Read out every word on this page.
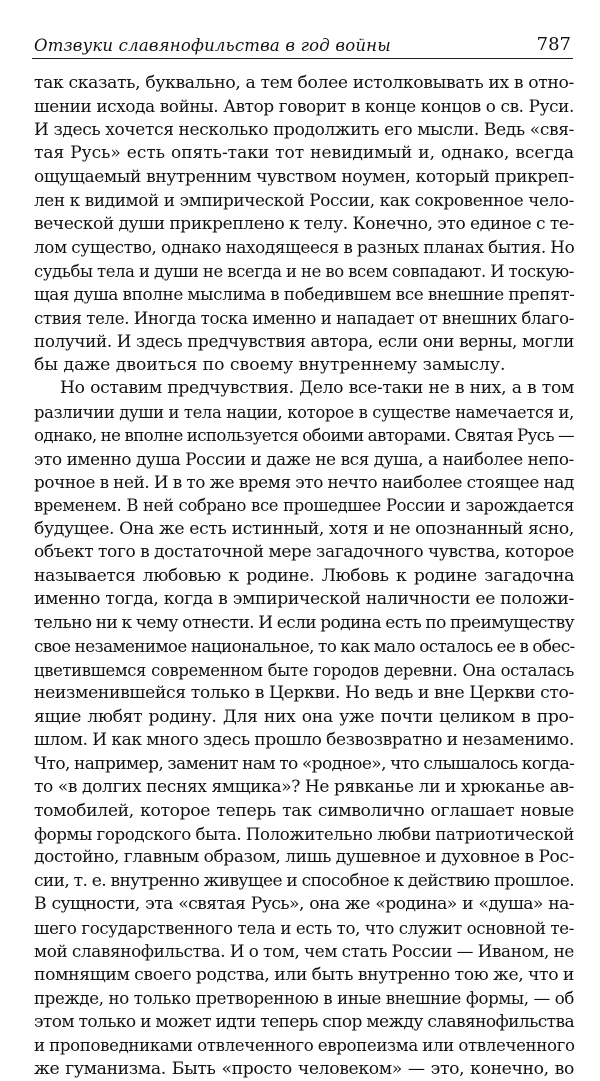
Отзвуки славянофильства в год войны	787
так сказать, буквально, а тем более истолковывать их в отно-
шении исхода войны. Автор говорит в конце концов о св. Руси.
И здесь хочется несколько продолжить его мысли. Ведь «свя-
тая Русь» есть опять-таки тот невидимый и, однако, всегда
ощущаемый внутренним чувством ноумен, который прикреп-
лен к видимой и эмпирической России, как сокровенное чело-
веческой души прикреплено к телу. Конечно, это единое с те-
лом существо, однако находящееся в разных планах бытия. Но
судьбы тела и души не всегда и не во всем совпадают. И тоскую-
щая душа вполне мыслима в победившем все внешние препят-
ствия теле. Иногда тоска именно и нападает от внешних благо-
получий. И здесь предчувствия автора, если они верны, могли
бы даже двоиться по своему внутреннему замыслу.
Но оставим предчувствия. Дело все-таки не в них, а в том
различии души и тела нации, которое в существе намечается и,
однако, не вполне используется обоими авторами. Святая Русь —
это именно душа России и даже не вся душа, а наиболее непо-
рочное в ней. И в то же время это нечто наиболее стоящее над
временем. В ней собрано все прошедшее России и зарождается
будущее. Она же есть истинный, хотя и не опознанный ясно,
объект того в достаточной мере загадочного чувства, которое
называется любовью к родине. Любовь к родине загадочна
именно тогда, когда в эмпирической наличности ее положи-
тельно ни к чему отнести. И если родина есть по преимуществу
свое незаменимое национальное, то как мало осталось ее в обес-
цветившемся современном быте городов деревни. Она осталась
неизменившейся только в Церкви. Но ведь и вне Церкви сто-
ящие любят родину. Для них она уже почти целиком в про-
шлом. И как много здесь прошло безвозвратно и незаменимо.
Что, например, заменит нам то «родное», что слышалось когда-
то «в долгих песнях ямщика»? Не рявканье ли и хрюканье ав-
томобилей, которое теперь так символично оглашает новые
формы городского быта. Положительно любви патриотической
достойно, главным образом, лишь душевное и духовное в Рос-
сии, т. е. внутренно живущее и способное к действию прошлое.
В сущности, эта «святая Русь», она же «родина» и «душа» на-
шего государственного тела и есть то, что служит основной те-
мой славянофильства. И о том, чем стать России — Иваном, не
помнящим своего родства, или быть внутренно тою же, что и
прежде, но только претворенною в иные внешние формы, — об
этом только и может идти теперь спор между славянофильства
и проповедниками отвлеченного европеизма или отвлеченного
же гуманизма. Быть «просто человеком» — это, конечно, во
